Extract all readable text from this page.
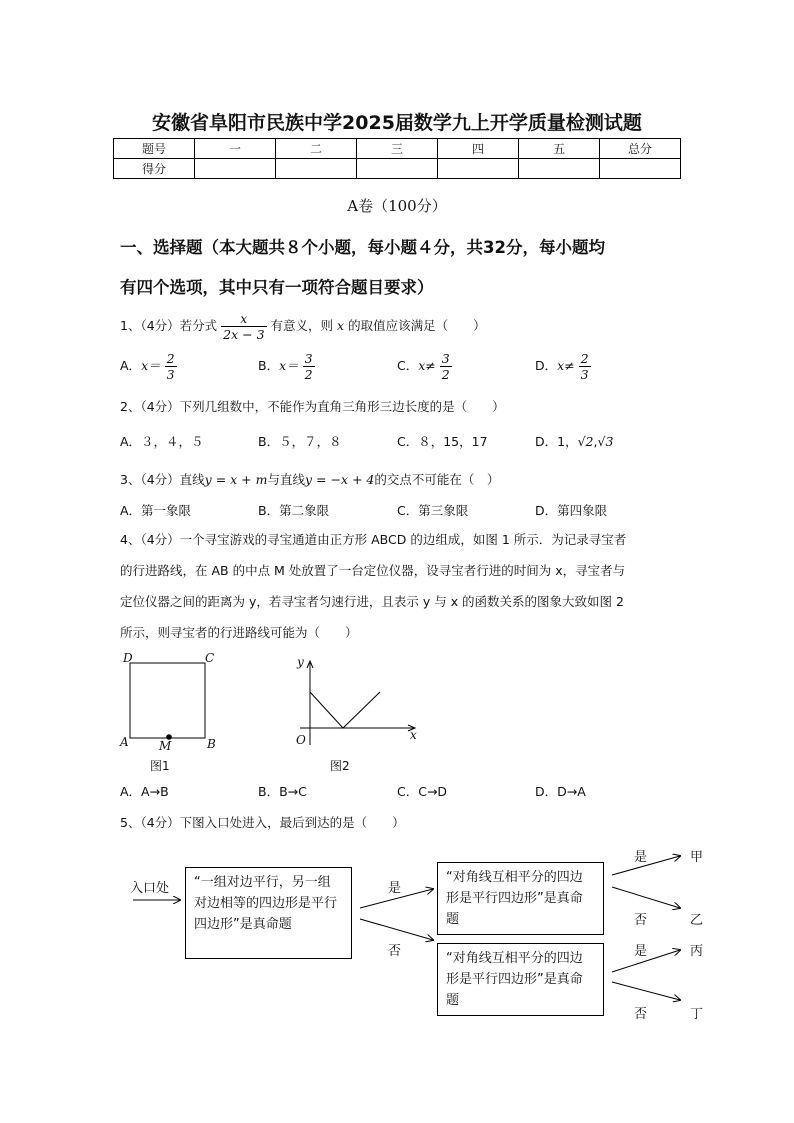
安徽省阜阳市民族中学2025届数学九上开学质量检测试题
题号	一	二	三	四	五	总分
得分						
A卷（100分）
一、选择题（本大题共８个小题，每小题４分，共32分，每小题均
有四个选项，其中只有一项符合题目要求）
1、（4分）若分式 $\frac{x}{2x - 3}$ 有意义，则 x 的取值应该满足（　　）
A．$x= \frac{2}{3}$	B．$x= \frac{3}{2}$	C．$x\ne \frac{3}{2}$	D．$x\ne \frac{2}{3}$
2、（4分）下列几组数中，不能作为直角三角形三边长度的是（　　）
A．３，４，５	B．５，７，８	C．８，15，17	D．1，√2,√3
3、（4分）直线y = x + m与直线y = −x + 4的交点不可能在（　）
A．第一象限	B．第二象限	C．第三象限	D．第四象限
4、（4分）一个寻宝游戏的寻宝通道由正方形 ABCD 的边组成，如图 1 所示．为记录寻宝者
的行进路线，在 AB 的中点 M 处放置了一台定位仪器，设寻宝者行进的时间为 x，寻宝者与
定位仪器之间的距离为 y，若寻宝者匀速行进，且表示 y 与 x 的函数关系的图象大致如图 2
所示，则寻宝者的行进路线可能为（　　）
D	C
A	B
M
图1
y
x
O
图2
A．A→B	B．B→C	C．C→D	D．D→A
5、（4分）下图入口处进入，最后到达的是（　　）
入口处	“一组对边平行，另一组对边相等的四边形是平行四边形”是真命题
“对角线互相平分的四边形是平行四边形”是真命题
“对角线互相平分的四边形是平行四边形”是真命题
是
否
是
否
是
否
甲
乙
丙
丁
